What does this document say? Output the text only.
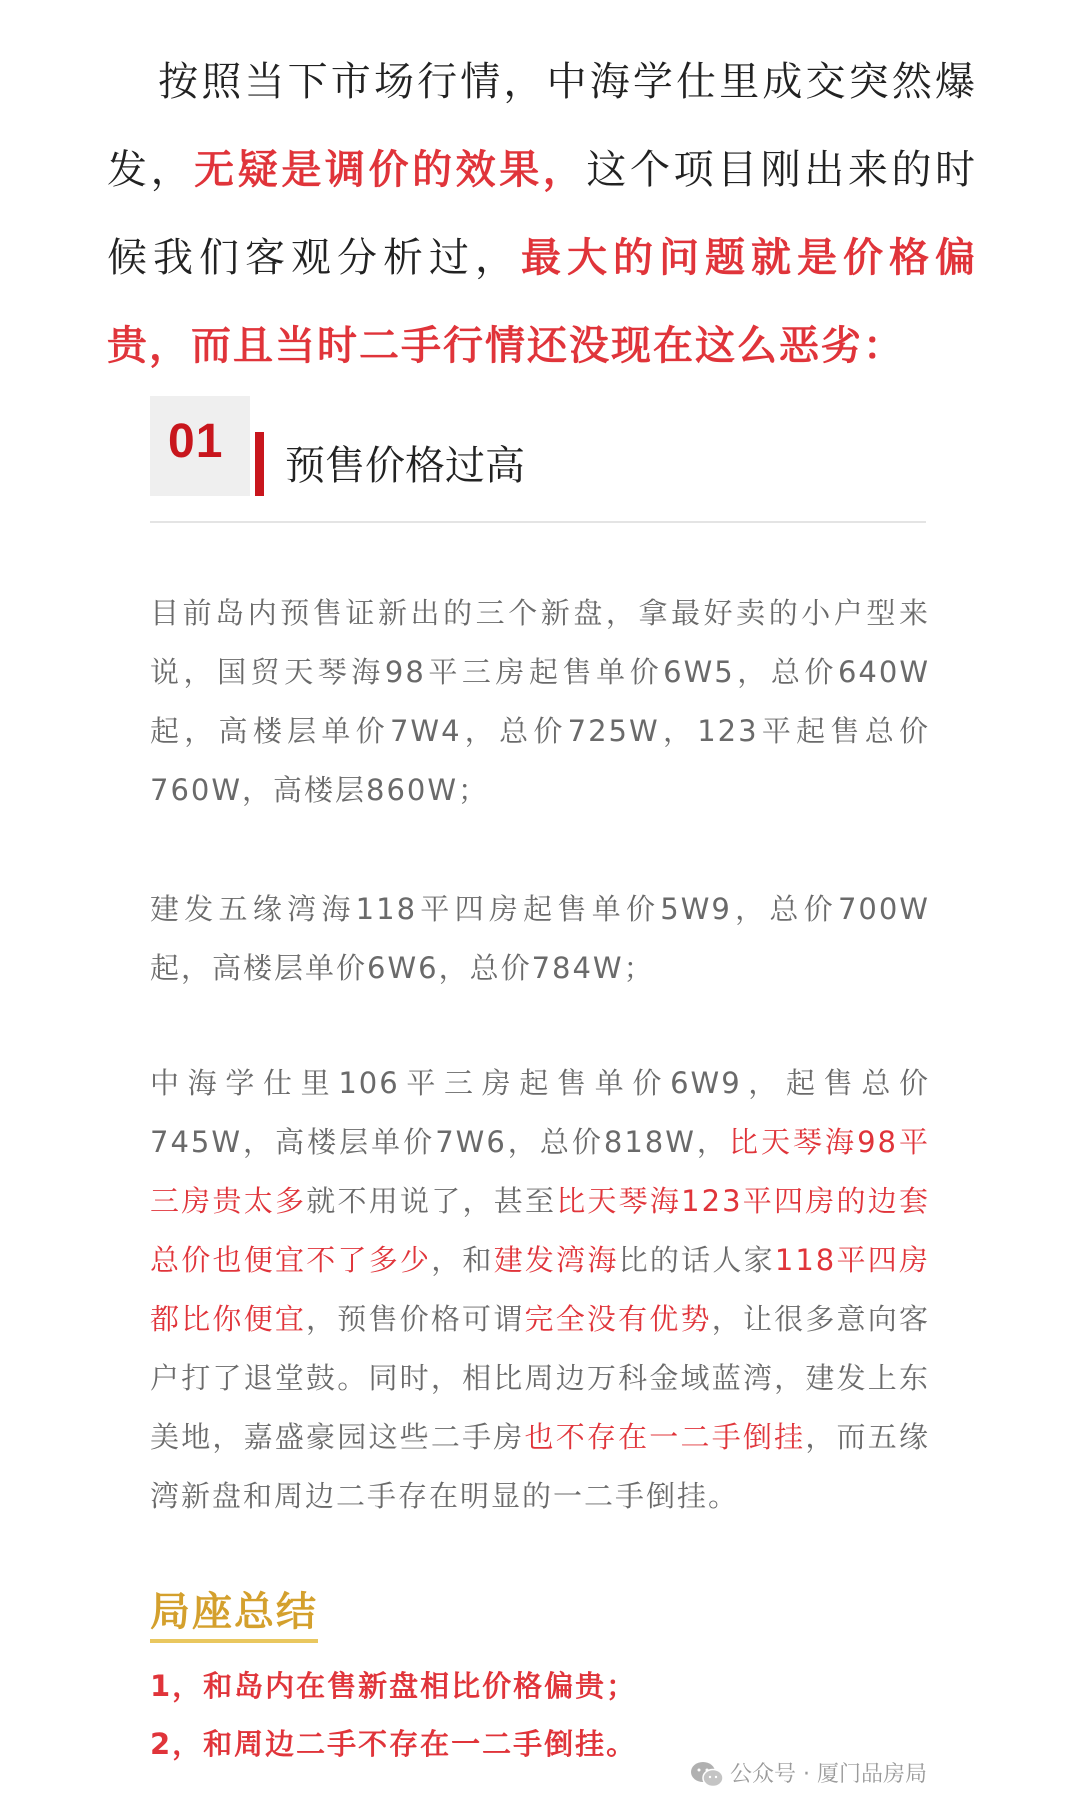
按照当下市场行情，中海学仕里成交突然爆发，无疑是调价的效果，这个项目刚出来的时候我们客观分析过，最大的问题就是价格偏贵，而且当时二手行情还没现在这么恶劣：
01 预售价格过高
目前岛内预售证新出的三个新盘，拿最好卖的小户型来说，国贸天琴海98平三房起售单价6W5，总价640W起，高楼层单价7W4，总价725W，123平起售总价760W，高楼层860W；
建发五缘湾海118平四房起售单价5W9，总价700W起，高楼层单价6W6，总价784W；
中海学仕里106平三房起售单价6W9，起售总价745W，高楼层单价7W6，总价818W，比天琴海98平三房贵太多就不用说了，甚至比天琴海123平四房的边套总价也便宜不了多少，和建发湾海比的话人家118平四房都比你便宜，预售价格可谓完全没有优势，让很多意向客户打了退堂鼓。同时，相比周边万科金域蓝湾，建发上东美地，嘉盛豪园这些二手房也不存在一二手倒挂，而五缘湾新盘和周边二手存在明显的一二手倒挂。
局座总结
1，和岛内在售新盘相比价格偏贵；
2，和周边二手不存在一二手倒挂。
公众号 · 厦门品房局
